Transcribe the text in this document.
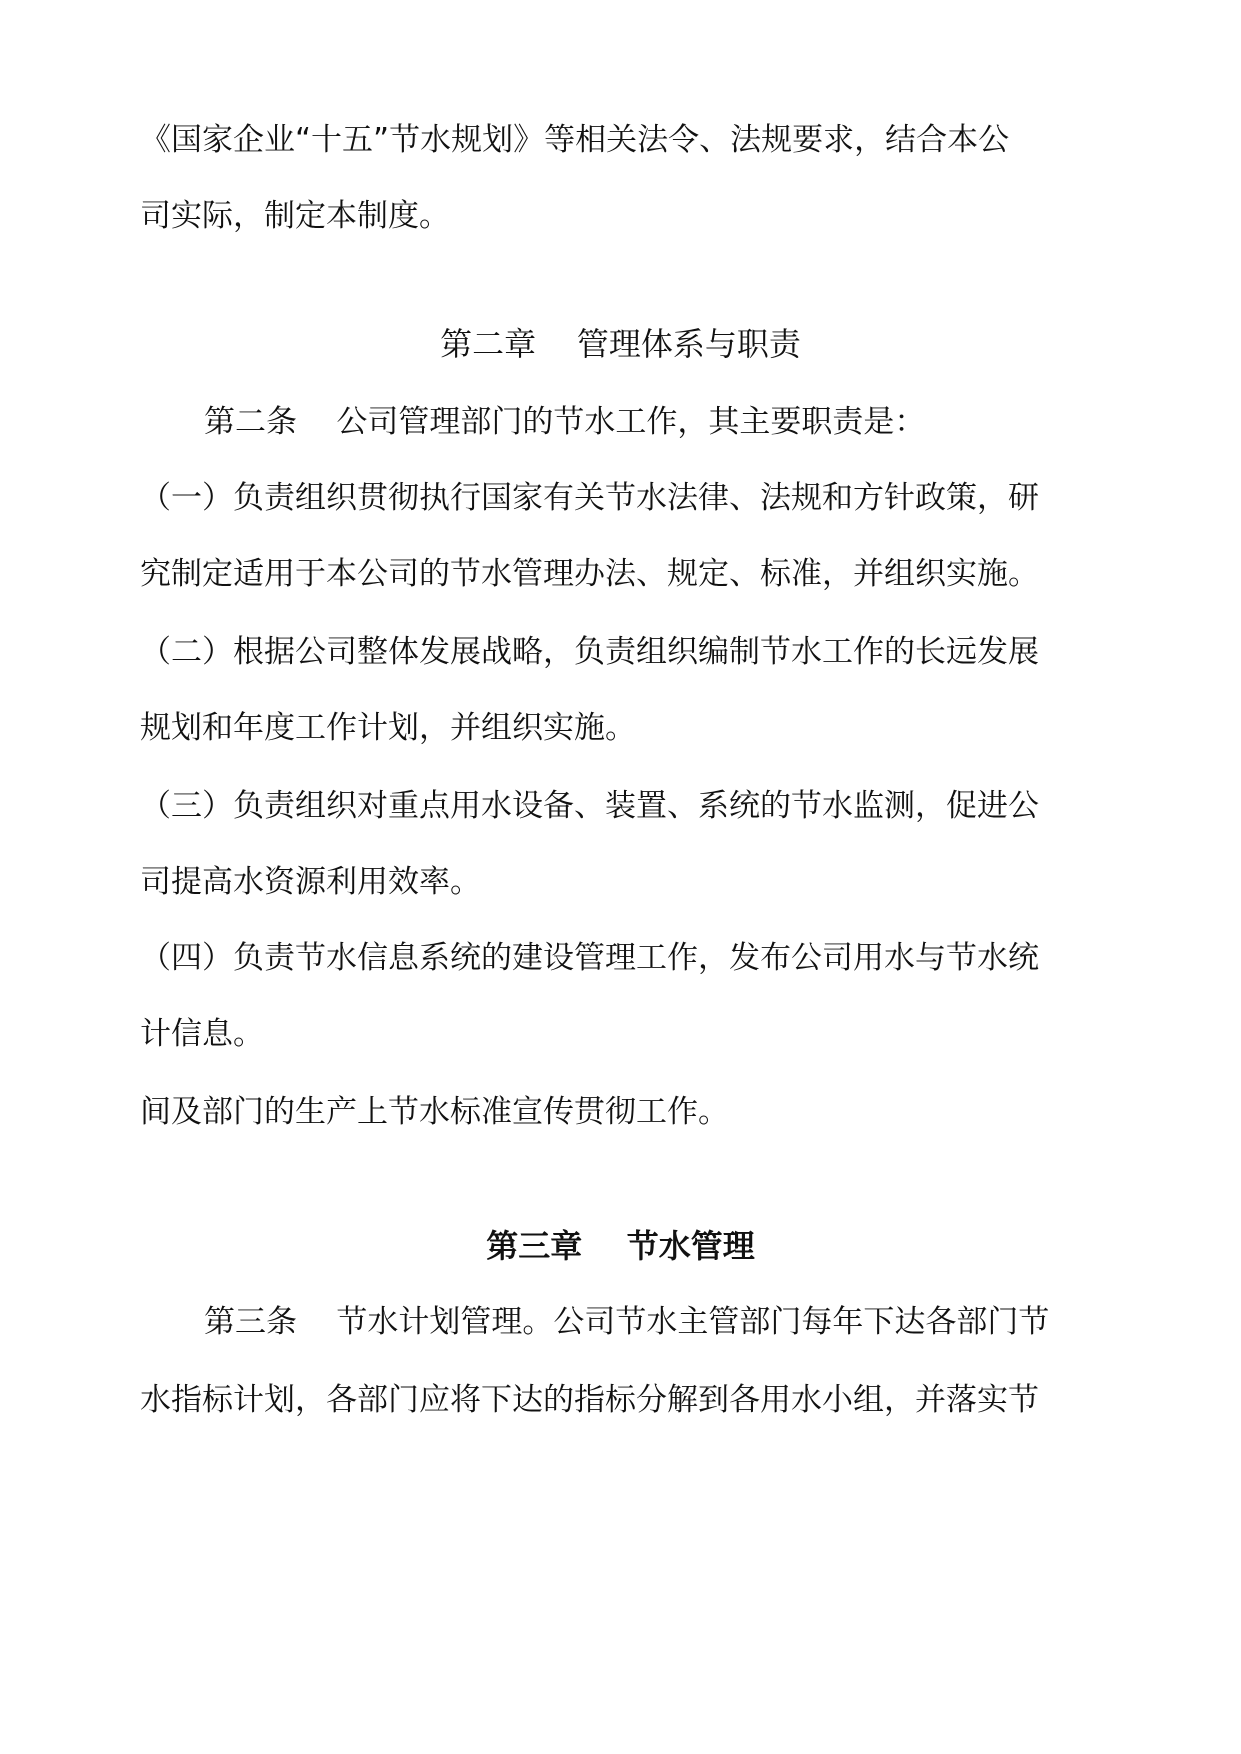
《国家企业“十五”节水规划》等相关法令、法规要求，结合本公
司实际，制定本制度。
第二章    管理体系与职责
第二条    公司管理部门的节水工作，其主要职责是：
（一）负责组织贯彻执行国家有关节水法律、法规和方针政策，研
究制定适用于本公司的节水管理办法、规定、标准，并组织实施。
（二）根据公司整体发展战略，负责组织编制节水工作的长远发展
规划和年度工作计划，并组织实施。
（三）负责组织对重点用水设备、装置、系统的节水监测，促进公
司提高水资源利用效率。
（四）负责节水信息系统的建设管理工作，发布公司用水与节水统
计信息。
间及部门的生产上节水标准宣传贯彻工作。
第三章    节水管理
第三条    节水计划管理。公司节水主管部门每年下达各部门节
水指标计划，各部门应将下达的指标分解到各用水小组，并落实节
